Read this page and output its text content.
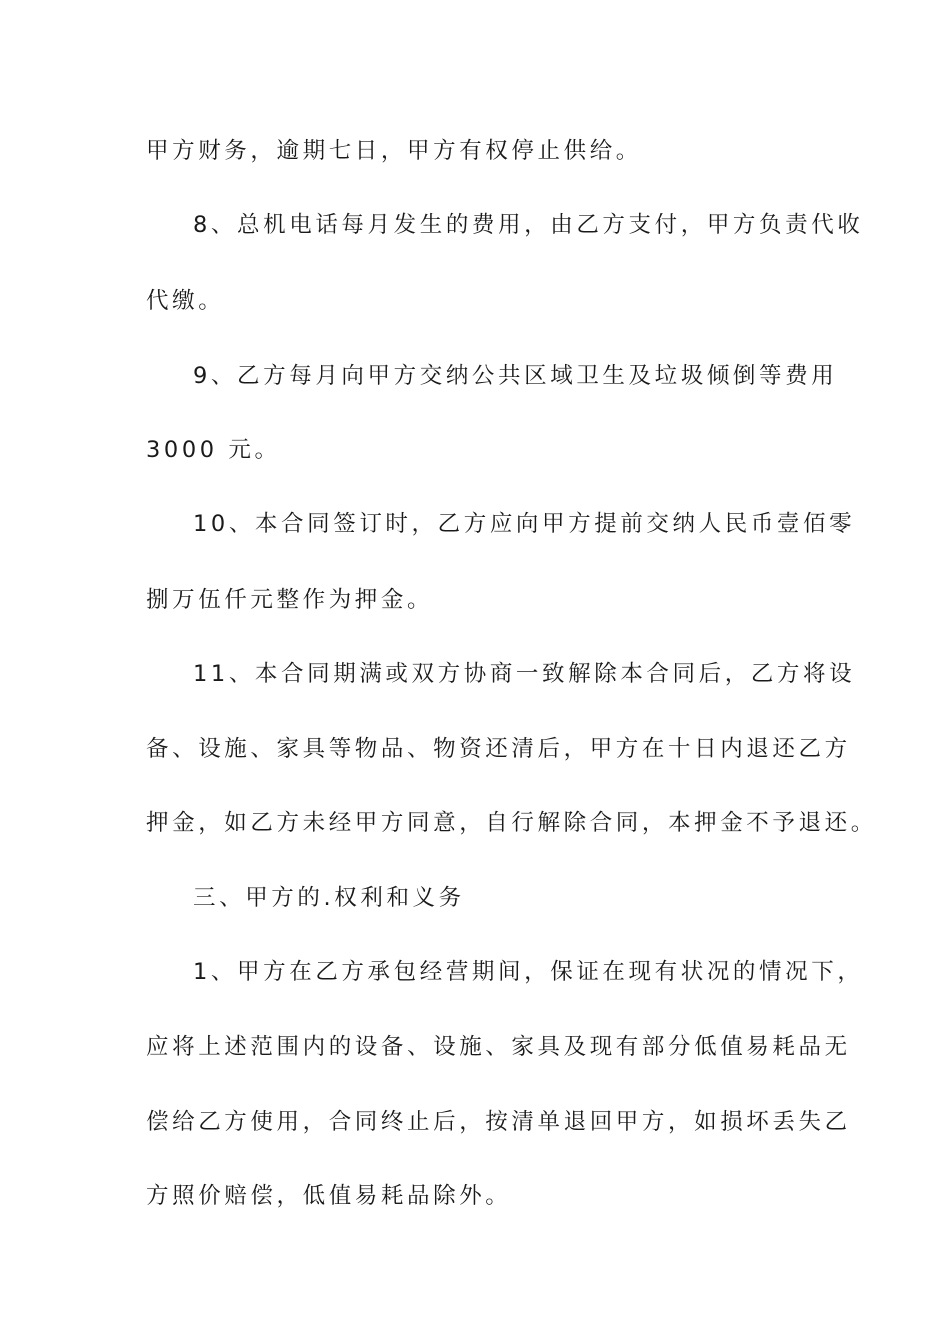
甲方财务，逾期七日，甲方有权停止供给。
8、总机电话每月发生的费用，由乙方支付，甲方负责代收
代缴。
9、乙方每月向甲方交纳公共区域卫生及垃圾倾倒等费用
3000 元。
10、本合同签订时，乙方应向甲方提前交纳人民币壹佰零
捌万伍仟元整作为押金。
11、本合同期满或双方协商一致解除本合同后，乙方将设
备、设施、家具等物品、物资还清后，甲方在十日内退还乙方
押金，如乙方未经甲方同意，自行解除合同，本押金不予退还。
三、甲方的.权利和义务
1、甲方在乙方承包经营期间，保证在现有状况的情况下，
应将上述范围内的设备、设施、家具及现有部分低值易耗品无
偿给乙方使用，合同终止后，按清单退回甲方，如损坏丢失乙
方照价赔偿，低值易耗品除外。
